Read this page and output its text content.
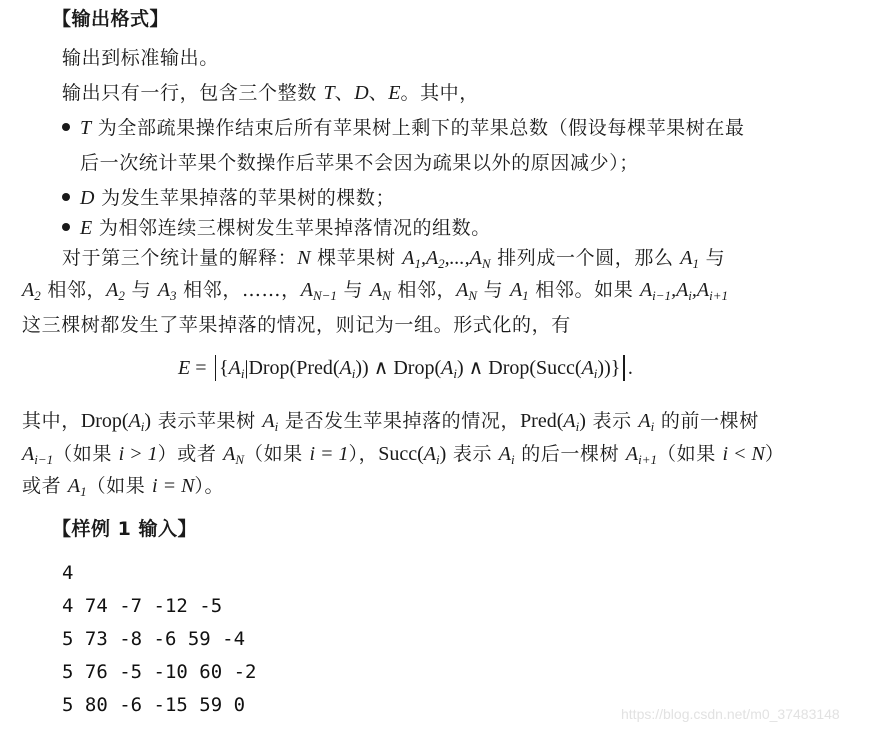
【输出格式】
输出到标准输出。
输出只有一行，包含三个整数 T、D、E。其中，
T 为全部疏果操作结束后所有苹果树上剩下的苹果总数（假设每棵苹果树在最
后一次统计苹果个数操作后苹果不会因为疏果以外的原因减少）；
D 为发生苹果掉落的苹果树的棵数；
E 为相邻连续三棵树发生苹果掉落情况的组数。
对于第三个统计量的解释：N 棵苹果树 $A_1,A_2,...,A_N$ 排列成一个圆，那么 $A_1$ 与
$A_2$ 相邻，$A_2$ 与 $A_3$ 相邻，……，$A_{N-1}$ 与 $A_N$ 相邻，$A_N$ 与 $A_1$ 相邻。如果 $A_{i-1},A_i,A_{i+1}$
这三棵树都发生了苹果掉落的情况，则记为一组。形式化的，有
$E = \{A_i|Drop(Pred(A_i))$ ∧ $Drop(A_i)$ ∧ $Drop(Succ(A_i))$} .
其中，$Drop(A_i)$ 表示苹果树 $A_i$ 是否发生苹果掉落的情况，$Pred(A_i)$ 表示 $A_i$ 的前一棵树
$A_{i-1}$（如果 i > 1）或者 $A_N$（如果 i = 1），$Succ(A_i)$ 表示 $A_i$ 的后一棵树 $A_{i+1}$（如果 i < N）
或者 $A_1$（如果 i = N）。
【样例 1 输入】
4
4 74 -7 -12 -5
5 73 -8 -6 59 -4
5 76 -5 -10 60 -2
5 80 -6 -15 59 0	https://blog.csdn.net/m0_37483148
